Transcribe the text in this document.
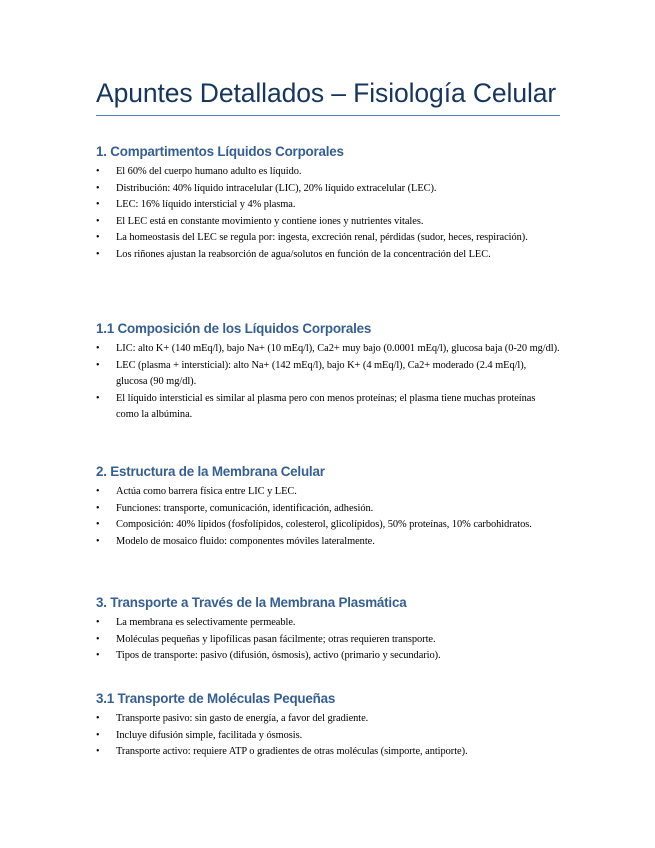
Apuntes Detallados – Fisiología Celular
1. Compartimentos Líquidos Corporales
• El 60% del cuerpo humano adulto es líquido.
• Distribución: 40% líquido intracelular (LIC), 20% líquido extracelular (LEC).
• LEC: 16% líquido intersticial y 4% plasma.
• El LEC está en constante movimiento y contiene iones y nutrientes vitales.
• La homeostasis del LEC se regula por: ingesta, excreción renal, pérdidas (sudor, heces, respiración).
• Los riñones ajustan la reabsorción de agua/solutos en función de la concentración del LEC.
1.1 Composición de los Líquidos Corporales
• LIC: alto K+ (140 mEq/l), bajo Na+ (10 mEq/l), Ca2+ muy bajo (0.0001 mEq/l), glucosa baja (0-20 mg/dl).
• LEC (plasma + intersticial): alto Na+ (142 mEq/l), bajo K+ (4 mEq/l), Ca2+ moderado (2.4 mEq/l), glucosa (90 mg/dl).
• El líquido intersticial es similar al plasma pero con menos proteínas; el plasma tiene muchas proteínas como la albúmina.
2. Estructura de la Membrana Celular
• Actúa como barrera física entre LIC y LEC.
• Funciones: transporte, comunicación, identificación, adhesión.
• Composición: 40% lípidos (fosfolípidos, colesterol, glicolípidos), 50% proteínas, 10% carbohidratos.
• Modelo de mosaico fluido: componentes móviles lateralmente.
3. Transporte a Través de la Membrana Plasmática
• La membrana es selectivamente permeable.
• Moléculas pequeñas y lipofílicas pasan fácilmente; otras requieren transporte.
• Tipos de transporte: pasivo (difusión, ósmosis), activo (primario y secundario).
3.1 Transporte de Moléculas Pequeñas
• Transporte pasivo: sin gasto de energía, a favor del gradiente.
• Incluye difusión simple, facilitada y ósmosis.
• Transporte activo: requiere ATP o gradientes de otras moléculas (simporte, antiporte).
